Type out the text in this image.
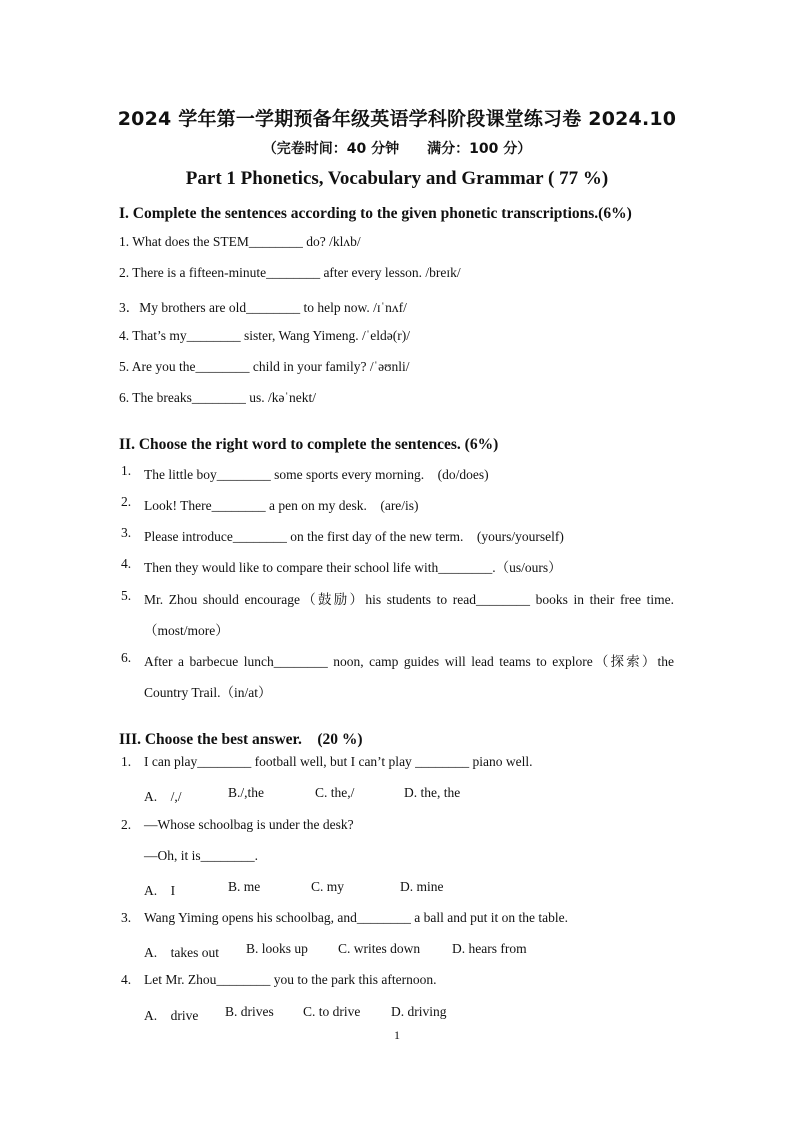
2024 学年第一学期预备年级英语学科阶段课堂练习卷 2024.10
（完卷时间：40 分钟　　满分：100 分）
Part 1 Phonetics, Vocabulary and Grammar ( 77 %)
I. Complete the sentences according to the given phonetic transcriptions.(6%)
1. What does the STEM________ do? /klʌb/
2. There is a fifteen-minute________ after every lesson. /breɪk/
3．My brothers are old________ to help now. /ɪˈnʌf/
4. That’s my________ sister, Wang Yimeng. /ˈeldə(r)/
5. Are you the________ child in your family? /ˈəʊnli/
6. The breaks________ us. /kəˈnekt/
II. Choose the right word to complete the sentences. (6%)
1. The little boy________ some sports every morning.　(do/does)
2. Look! There________ a pen on my desk.　(are/is)
3. Please introduce________ on the first day of the new term.　(yours/yourself)
4. Then they would like to compare their school life with________.（us/ours）
5. Mr. Zhou should encourage（鼓励）his students to read________ books in their free time.
（most/more）
6. After a barbecue lunch________ noon, camp guides will lead teams to explore（探索）the
Country Trail.（in/at）
III. Choose the best answer.　(20 %)
1. I can play________ football well, but I can’t play ________ piano well.
A.　/,/	B./,the	C. the,/	D. the, the
2. —Whose schoolbag is under the desk?
—Oh, it is________.
A.　I	B. me	C. my	D. mine
3. Wang Yiming opens his schoolbag, and________ a ball and put it on the table.
A.　takes out B. looks up C. writes down D. hears from
4. Let Mr. Zhou________ you to the park this afternoon.
A.　drive B. drives C. to drive D. driving
1
